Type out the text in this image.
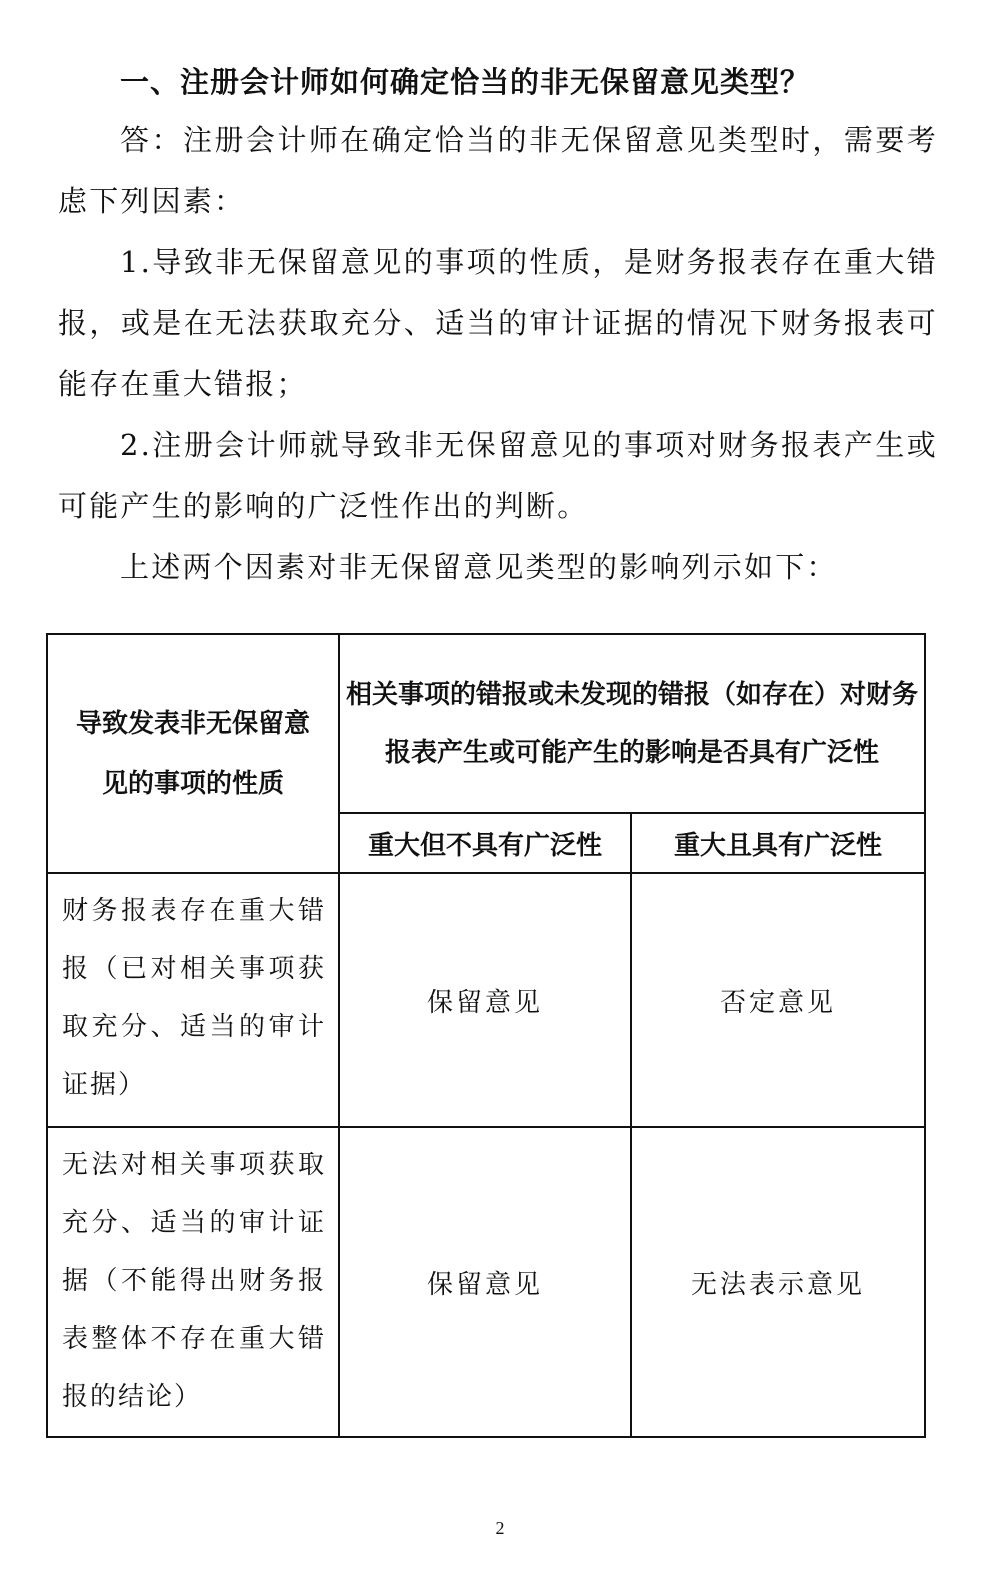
一、注册会计师如何确定恰当的非无保留意见类型？
答：注册会计师在确定恰当的非无保留意见类型时，需要考虑下列因素：
1.导致非无保留意见的事项的性质，是财务报表存在重大错报，或是在无法获取充分、适当的审计证据的情况下财务报表可能存在重大错报；
2.注册会计师就导致非无保留意见的事项对财务报表产生或可能产生的影响的广泛性作出的判断。
上述两个因素对非无保留意见类型的影响列示如下：
导致发表非无保留意见的事项的性质	相关事项的错报或未发现的错报（如存在）对财务报表产生或可能产生的影响是否具有广泛性	
	重大但不具有广泛性	重大且具有广泛性
财务报表存在重大错报（已对相关事项获取充分、适当的审计证据）	保留意见	否定意见
无法对相关事项获取充分、适当的审计证据（不能得出财务报表整体不存在重大错报的结论）	保留意见	无法表示意见
2
